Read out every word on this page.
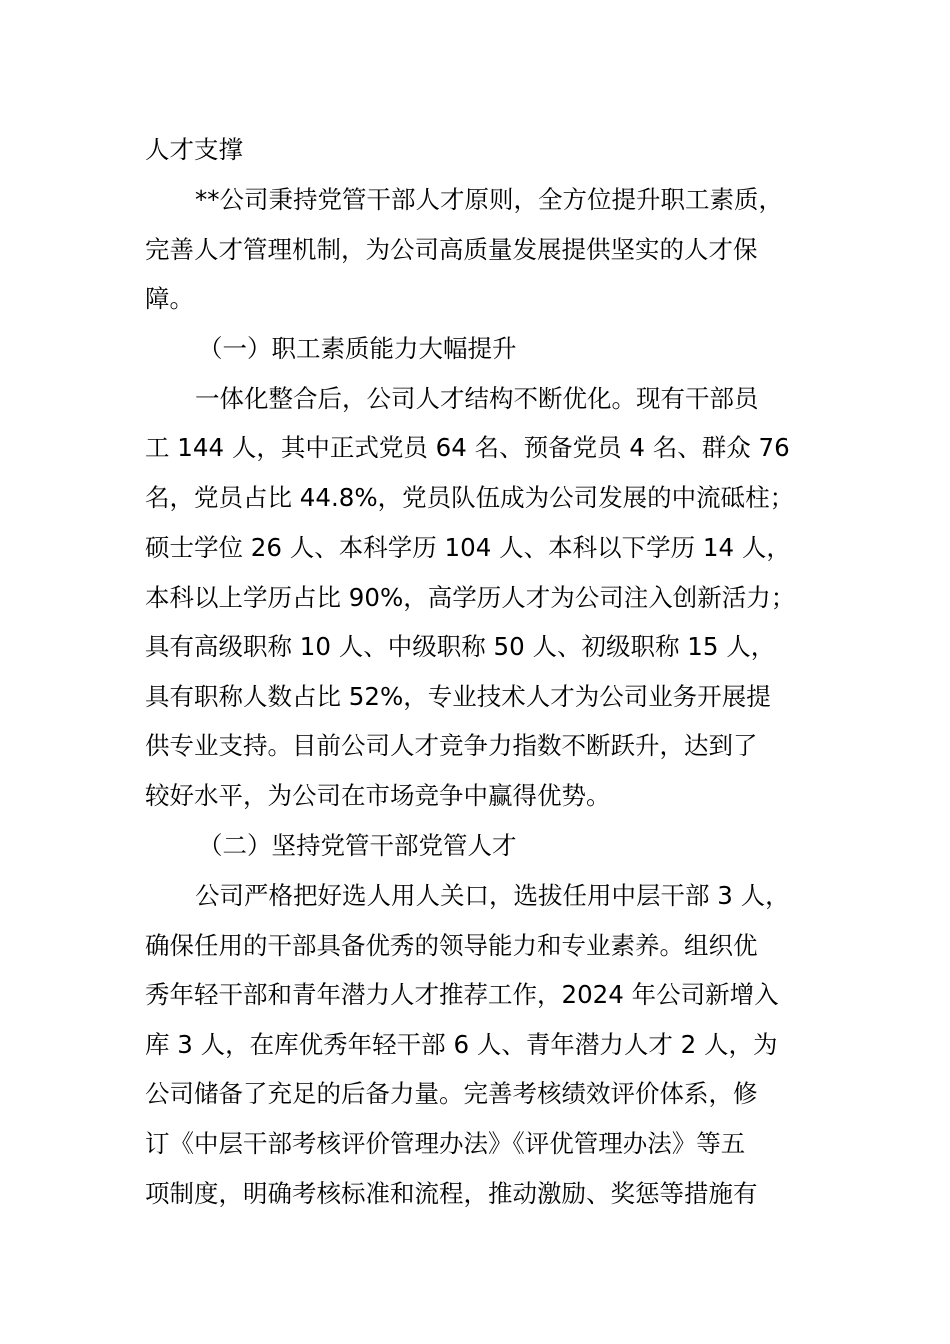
人才支撑
**公司秉持党管干部人才原则，全方位提升职工素质，
完善人才管理机制，为公司高质量发展提供坚实的人才保
障。
（一）职工素质能力大幅提升
一体化整合后，公司人才结构不断优化。现有干部员
工 144 人，其中正式党员 64 名、预备党员 4 名、群众 76
名，党员占比 44.8%，党员队伍成为公司发展的中流砥柱；
硕士学位 26 人、本科学历 104 人、本科以下学历 14 人，
本科以上学历占比 90%，高学历人才为公司注入创新活力；
具有高级职称 10 人、中级职称 50 人、初级职称 15 人，
具有职称人数占比 52%，专业技术人才为公司业务开展提
供专业支持。目前公司人才竞争力指数不断跃升，达到了
较好水平，为公司在市场竞争中赢得优势。
（二）坚持党管干部党管人才
公司严格把好选人用人关口，选拔任用中层干部 3 人，
确保任用的干部具备优秀的领导能力和专业素养。组织优
秀年轻干部和青年潜力人才推荐工作，2024 年公司新增入
库 3 人，在库优秀年轻干部 6 人、青年潜力人才 2 人，为
公司储备了充足的后备力量。完善考核绩效评价体系，修
订《中层干部考核评价管理办法》《评优管理办法》等五
项制度，明确考核标准和流程，推动激励、奖惩等措施有
